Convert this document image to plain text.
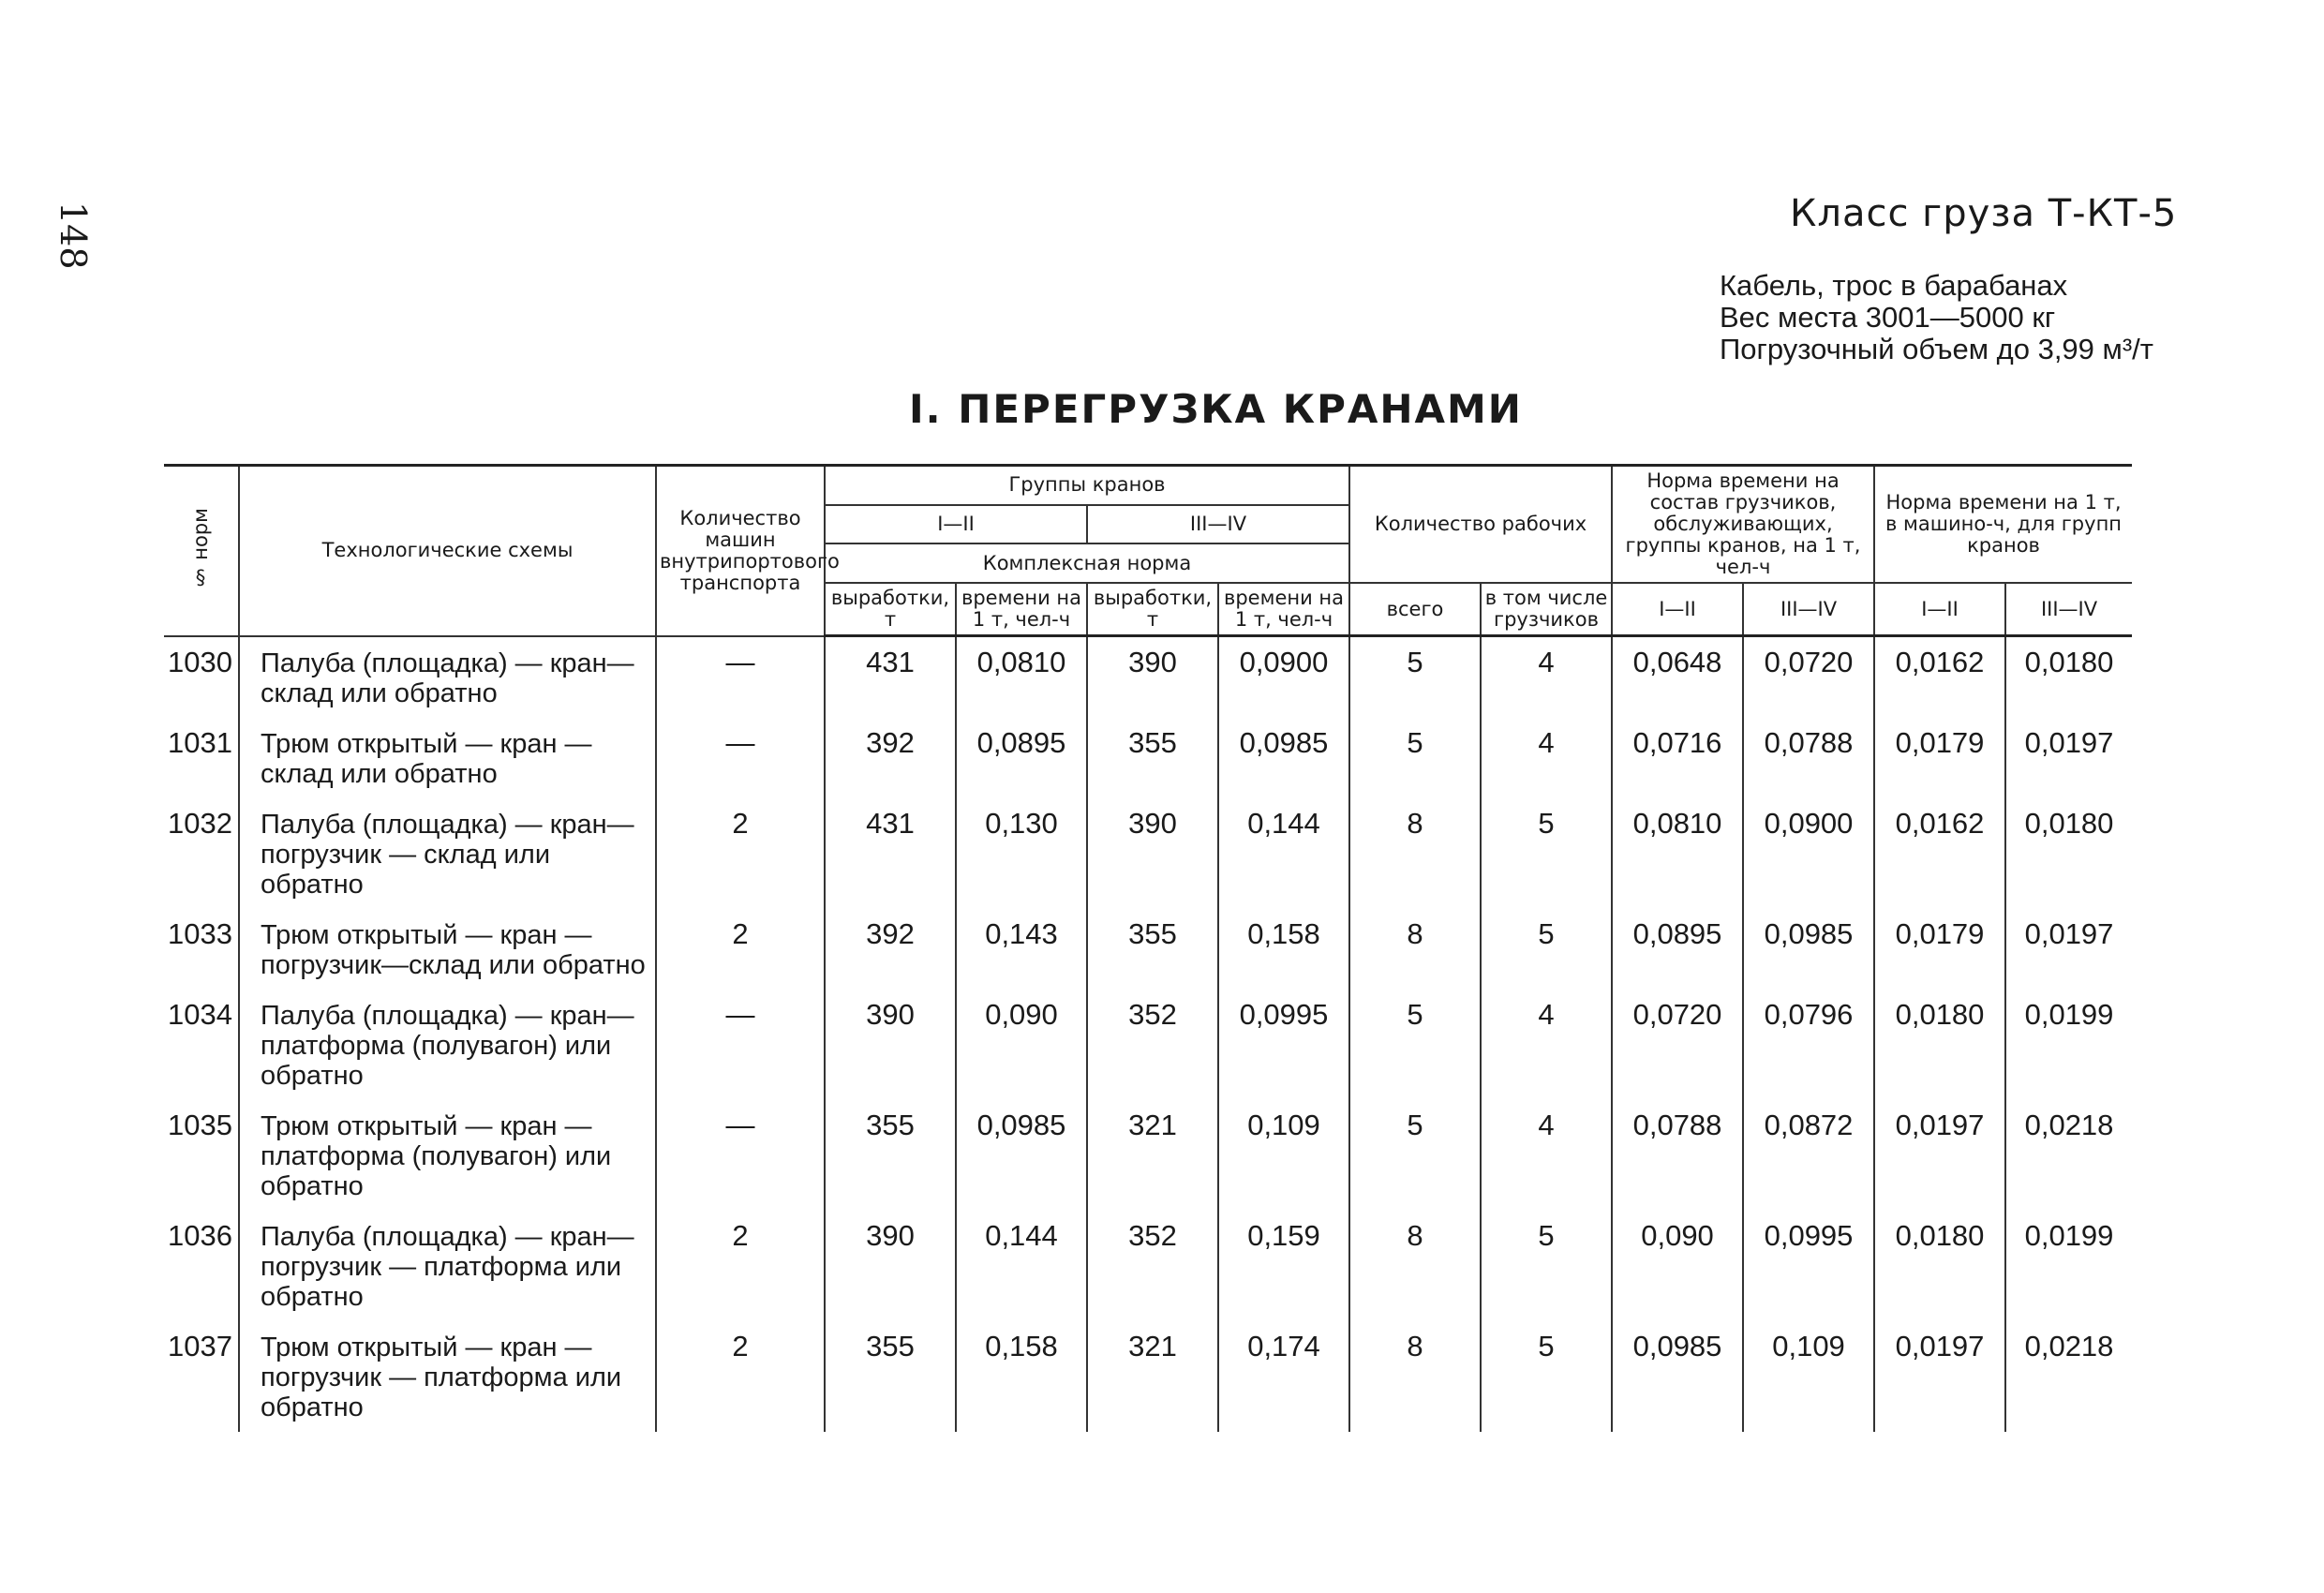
148	Класс груза Т-КТ-5
Кабель, трос в барабанах
Вес места 3001—5000 кг
Погрузочный объем до 3,99 м³/т
I. ПЕРЕГРУЗКА КРАНАМИ
§ норм	Технологические схемы	Количество машин внутрипортового транспорта	Группы кранов				Количество рабочих		Норма времени на состав грузчиков, обслуживающих, группы кранов, на 1 т, чел-ч		Норма времени на 1 т, в машино-ч, для групп кранов	
			I—II		III—IV							
			Комплексная норма									
			выработки, т	времени на 1 т, чел-ч	выработки, т	времени на 1 т, чел-ч	всего	в том числе грузчиков	I—II	III—IV	I—II	III—IV
1030	Палуба (площадка) — кран— склад или обратно	—	431	0,0810	390	0,0900	5	4	0,0648	0,0720	0,0162	0,0180
1031	Трюм открытый — кран — склад или обратно	—	392	0,0895	355	0,0985	5	4	0,0716	0,0788	0,0179	0,0197
1032	Палуба (площадка) — кран— погрузчик — склад или обратно	2	431	0,130	390	0,144	8	5	0,0810	0,0900	0,0162	0,0180
1033	Трюм открытый — кран — погрузчик—склад или обратно	2	392	0,143	355	0,158	8	5	0,0895	0,0985	0,0179	0,0197
1034	Палуба (площадка) — кран— платформа (полувагон) или обратно	—	390	0,090	352	0,0995	5	4	0,0720	0,0796	0,0180	0,0199
1035	Трюм открытый — кран — платформа (полувагон) или обратно	—	355	0,0985	321	0,109	5	4	0,0788	0,0872	0,0197	0,0218
1036	Палуба (площадка) — кран— погрузчик — платформа или обратно	2	390	0,144	352	0,159	8	5	0,090	0,0995	0,0180	0,0199
1037	Трюм открытый — кран — погрузчик — платформа или обратно	2	355	0,158	321	0,174	8	5	0,0985	0,109	0,0197	0,0218
